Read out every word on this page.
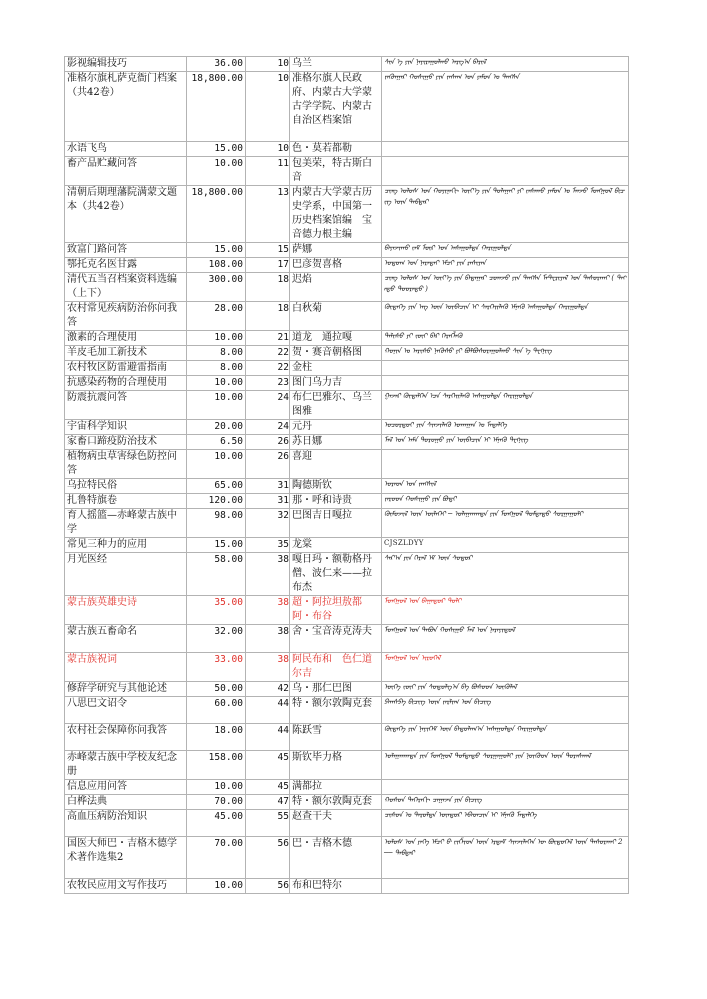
影视编辑技巧	36.00	10	乌兰	ᠰᠢᠨ ᠡ ᠶᠢᠨ ᠨᠠᠶᠢᠷᠠᠭᠤᠯᠬᠤ ᠠᠷᠭ᠎ᠠ ᠪᠠᠷᠢᠯ
准格尔旗札萨克衙门档案（共42卷）	18,800.00	10	准格尔旗人民政府、内蒙古大学蒙古学学院、内蒙古自治区档案馆	ᠵᠡᠭᠦᠨᠭᠠᠷ ᠬᠣᠰᠢᠭᠤ ᠶᠢᠨ ᠵᠠᠰᠠᠭ ᠤᠨ ᠶᠠᠮᠤᠨ ᠤ ᠳᠠᠩᠰᠠ
水语飞鸟	15.00	10	色・莫若都勒	
畜产品贮藏问答	10.00	11	包美荣，特古斯白音	
清朝后期理藩院满蒙文题本（共42卷）	18,800.00	13	内蒙古大学蒙古历史学系，中国第一历史档案馆编　宝音德力根主编	ᠴᠢᠩ ᠤᠯᠤᠰ ᠤᠨ ᠬᠣᠶᠢᠨᠠᠬᠢ ᠦᠶ᠎ᠡ ᠶᠢᠨ ᠲᠣᠯᠠᠭᠠᠢ ᠶᠢ ᠵᠠᠰᠠᠬᠤ ᠶᠠᠮᠤᠨ ᠤ ᠮᠠᠨᠵᠤ ᠮᠣᠩᠭᠣᠯ ᠪᠢᠴᠢᠭ ᠦᠨ ᠳᠡᠪᠲᠡᠷ
致富门路问答	15.00	15	萨娜	ᠪᠠᠶᠠᠵᠢᠬᠤ ᠵᠠᠮ ᠮᠦᠷ ᠤᠨ ᠠᠰᠠᠭᠤᠯᠲᠠ ᠬᠠᠷᠢᠭᠤᠯᠲᠠ
鄂托克名医甘露	108.00	17	巴彦贺喜格	ᠣᠲᠣᠭ ᠤᠨ ᠨᠡᠷᠡᠲᠡᠢ ᠡᠮᠴᠢ ᠶᠢᠨ ᠷᠠᠰᠢᠶᠠᠨ
清代五当召档案资料选编（上下）	300.00	18	迟焰	ᠴᠢᠩ ᠤᠯᠤᠰ ᠤᠨ ᠦᠶ᠎ᠡ ᠶᠢᠨ ᠪᠠᠳᠠᠭᠠᠷ ᠴᠣᠭᠵᠣ ᠶᠢᠨ ᠳᠠᠩᠰᠠ ᠮᠠᠲ᠋ᠧᠷᠢᠶᠠᠯ ᠤᠨ ᠲᠠᠰᠤᠷᠬᠠᠢ ( ᠳᠡᠭᠡᠳᠦ ᠳᠣᠣᠷᠠᠳᠤ )
农村常见疾病防治你问我答	28.00	18	白秋菊	ᠬᠥᠳᠡᠭᠡ ᠶᠢᠨ ᠡᠩ ᠦᠨ ᠦᠪᠡᠴᠢᠨ ᠢ ᠰᠡᠷᠭᠡᠢᠯᠡᠬᠦ ᠡᠮᠨᠡᠬᠦ ᠠᠰᠠᠭᠤᠯᠲᠠ ᠬᠠᠷᠢᠭᠤᠯᠲᠠ
激素的合理使用	10.00	21	道龙　通拉嘎	ᠳᠠᠯᠢᠰᠤ ᠶᠢ ᠵᠦᠢ ᠪᠡᠷ ᠬᠡᠷᠡᠭᠯᠡᠬᠦ
羊皮毛加工新技术	8.00	22	贺・赛音朝格图	ᠬᠣᠨᠢᠨ ᠤ ᠠᠷᠢᠰᠤ ᠨᠡᠭᠦᠰᠦ ᠶᠢ ᠪᠣᠯᠪᠤᠰᠤᠷᠠᠭᠤᠯᠬᠤ ᠰᠢᠨ ᠡ ᠲᠧᠬᠨᠢᠭ
农村牧区防雷避雷指南	8.00	22	金柱	
抗感染药物的合理使用	10.00	23	图门乌力吉	
防震抗震问答	10.00	24	布仁巴雅尔、乌兰图雅	ᠭᠠᠵᠠᠷ ᠬᠥᠳᠡᠯᠭᠡᠨ ᠡᠴᠡ ᠰᠡᠷᠭᠡᠢᠯᠡᠬᠦ ᠠᠰᠠᠭᠤᠯᠲᠠ ᠬᠠᠷᠢᠭᠤᠯᠲᠠ
宇宙科学知识	20.00	24	元丹	ᠣᠴᠣᠷᠲᠤᠢ ᠶᠢᠨ ᠰᠢᠨᠵᠢᠯᠡᠬᠦ ᠤᠬᠠᠭᠠᠨ ᠤ ᠮᠡᠳᠡᠯᠭᠡ
家畜口蹄疫防治技术	6.50	26	苏日娜	ᠮᠠᠯ ᠤᠨ ᠠᠮᠠ ᠲᠤᠷᠤᠭᠤ ᠶᠢᠨ ᠦᠪᠡᠴᠢᠨ ᠢ ᠡᠮᠨᠡᠬᠦ ᠲᠧᠬᠨᠢᠭ
植物病虫草害绿色防控问答	10.00	26	喜迎	
乌拉特民俗	65.00	31	陶德斯钦	ᠤᠷᠠᠳ ᠤᠨ ᠵᠠᠩᠱᠢᠯ
扎鲁特旗卷	120.00	31	那・呼和诗贵	ᠵᠠᠷᠤᠳ ᠬᠣᠰᠢᠭᠤ ᠶᠢᠨ ᠪᠣᠳᠢ
育人摇篮—赤峰蒙古族中学	98.00	32	巴图吉日嘎拉	ᠬᠥᠮᠦᠵᠢᠯ ᠦᠨ ᠥᠯᠡᠭᠡᠢ ─ ᠤᠯᠠᠭᠠᠨᠬᠠᠳᠠ ᠶᠢᠨ ᠮᠣᠩᠭᠣᠯ ᠳᠤᠮᠳᠠᠳᠤ ᠰᠤᠷᠭᠠᠭᠤᠯᠢ
常见三种力的应用	15.00	35	龙棠	CJSZLDYY
月光医经	58.00	38	嘎日玛・额勒格丹僧、波仁来——拉布杰	ᠰᠠᠷ᠎ᠠ ᠶᠢᠨ ᠭᠡᠷᠡᠯ ᠡᠮ ᠦᠨ ᠰᠤᠳᠤᠷ
蒙古族英雄史诗	35.00	38	超・阿拉坦敖都　阿・布谷	ᠮᠣᠩᠭᠣᠯ ᠤᠨ ᠪᠠᠭᠠᠲᠤᠷ ᠲᠤᠯᠢ
蒙古族五畜命名	32.00	38	舍・宝音涛克涛夫	ᠮᠣᠩᠭᠣᠯ ᠤᠨ ᠲᠠᠪᠤᠨ ᠬᠣᠰᠢᠭᠤ ᠮᠠᠯ ᠤᠨ ᠨᠡᠷᠡᠶᠢᠳᠦᠯ
蒙古族祝词	33.00	38	阿民布和　色仁道尔吉	ᠮᠣᠩᠭᠣᠯ ᠤᠨ ᠢᠷᠦᠭᠡᠯ
修辞学研究与其他论述	50.00	42	乌・那仁巴图	ᠦᠭᠡ ᠵᠦᠢ ᠶᠢᠨ ᠰᠤᠳᠤᠯᠭ᠎ᠠ ᠪᠠ ᠪᠤᠰᠤᠳ ᠥᠭᠦᠯᠡᠯ
八思巴文诏令	60.00	44	特・额尔敦陶克套	ᠫᠠᠭᠰᠫᠠ ᠪᠢᠴᠢᠭ ᠦᠨ ᠵᠠᠷᠯᠢᠭ ᠤᠨ ᠪᠢᠴᠢᠭ
农村社会保障你问我答	18.00	44	陈跃雪	ᠬᠥᠳᠡᠭᠡ ᠶᠢᠨ ᠨᠡᠶᠢᠭᠡᠮ ᠦᠨ ᠪᠠᠲᠤᠯᠠᠭ᠎ᠠ ᠠᠰᠠᠭᠤᠯᠲᠠ ᠬᠠᠷᠢᠭᠤᠯᠲᠠ
赤峰蒙古族中学校友纪念册	158.00	45	斯钦毕力格	ᠤᠯᠠᠭᠠᠨᠬᠠᠳᠠ ᠶᠢᠨ ᠮᠣᠩᠭᠣᠯ ᠳᠤᠮᠳᠠᠳᠤ ᠰᠤᠷᠭᠠᠭᠤᠯᠢ ᠶᠢᠨ ᠨᠥᠬᠦᠳ ᠦᠨ ᠳᠤᠷᠠᠰᠬᠠᠯ
信息应用问答	10.00	45	满都拉	
白桦法典	70.00	47	特・额尔敦陶克套	ᠬᠤᠰᠤᠨ ᠳᠡᠭᠡᠷᠡᠬᠢ ᠴᠠᠭᠠᠵᠠ ᠶᠢᠨ ᠪᠢᠴᠢᠭ
高血压病防治知识	45.00	55	赵查干夫	ᠴᠢᠰᠤᠨ ᠤ ᠳᠠᠷᠤᠯᠲᠠ ᠥᠨᠳᠦᠷ ᠡᠪᠡᠳᠴᠢᠨ ᠢ ᠡᠮᠨᠡᠬᠦ ᠮᠡᠳᠡᠯᠭᠡ
国医大师巴・吉格木德学术著作选集2	70.00	56	巴・吉格木德	ᠤᠯᠤᠰ ᠤᠨ ᠶᠡᠬᠡ ᠡᠮᠴᠢ ᠪ᠊ ᠵᠢᠭᠮᠢᠳ ᠦᠨ ᠡᠷᠳᠡᠮ ᠰᠢᠨᠵᠢᠯᠡᠭᠡᠨ ᠦ ᠪᠦᠲᠦᠭᠡᠯ ᠦᠨ ᠲᠠᠰᠤᠷᠬᠠᠢ 2 ── ᠳᠡᠪᠲᠡᠷ
农牧民应用文写作技巧	10.00	56	布和巴特尔	
